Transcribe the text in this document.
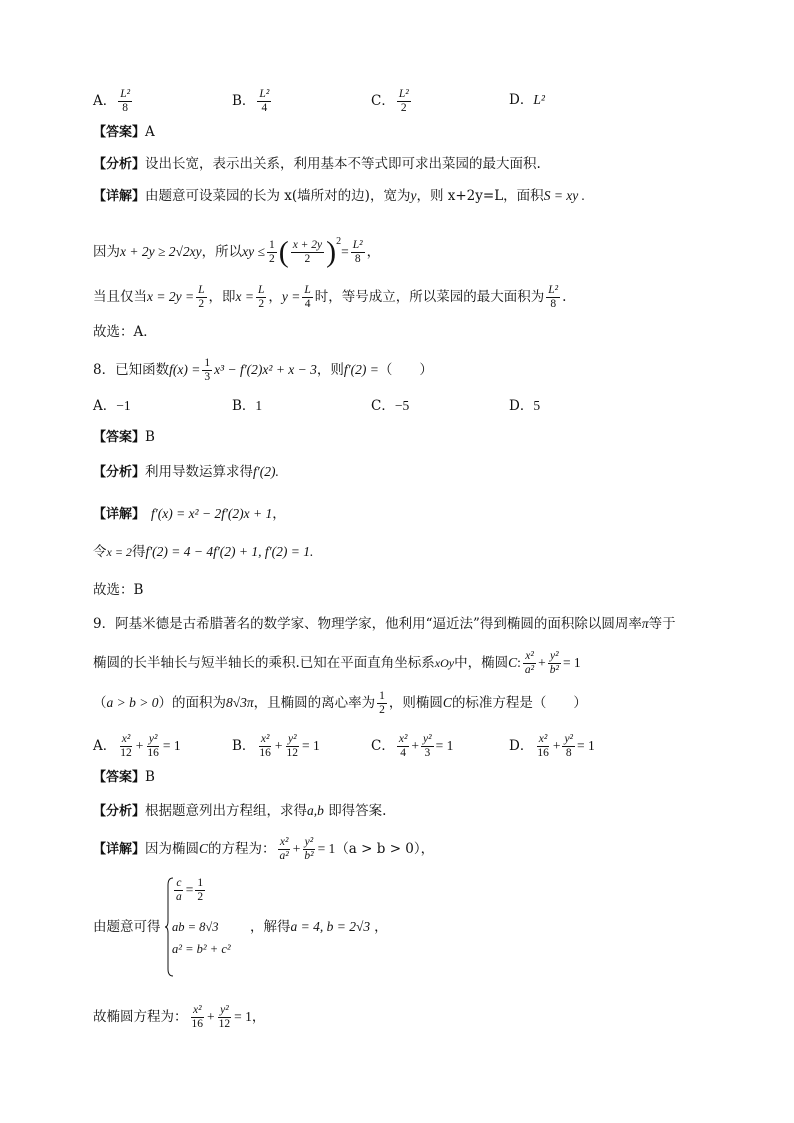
A． $\frac{\text{L²}}{8}$	B． $\frac{\text{L²}}{4}$	C． $\frac{\text{L²}}{2}$	D．L²
【答案】A
【分析】设出长宽，表示出关系，利用基本不等式即可求出菜园的最大面积.
【详解】由题意可设菜园的长为 x(墙所对的边)，宽为y，则 x+2y=L，面积S = xy .
因为x + 2y ≥ 2√2xy，所以xy ≤ $\frac{1}{2}$ ( $\frac{x + 2y}{2} )^2= \frac{\text{L²}}{8}$ ，
当且仅当$x = 2y = \frac{L}{2}$ ，即$x = \frac{L}{2}$ ，$y = \frac{L}{4}$ 时，等号成立，所以菜园的最大面积为 $\frac{\text{L²}}{8}$ .
故选：A．
8．已知函数$f(x) = \frac{1}{3} x^3 - f'(2)x^2 + x - 3$，则f′(2) =（　　）
A．−1	B．1	C．−5	D．5
【答案】B
【分析】利用导数运算求得f′(2).
【详解】 f′(x) = x² − 2f′(2)x + 1，
令x = 2得f′(2) = 4 − 4f′(2) + 1, f′(2) = 1.
故选：B
9．阿基米德是古希腊著名的数学家、物理学家，他利用“逼近法”得到椭圆的面积除以圆周率π等于
椭圆的长半轴长与短半轴长的乘积.已知在平面直角坐标系xOy中，椭圆C: $\frac{\text{x²}}{\text{a²}} + \frac{\text{y²}}{\text{b²}} = 1$
（a > b > 0）的面积为8√3π，且椭圆的离心率为 $\frac{1}{2}$ ，则椭圆C的标准方程是（　　）
A． $\frac{\text{x²}}{12} + \frac{\text{y²}}{16} = 1$	B． $\frac{\text{x²}}{16} + \frac{\text{y²}}{12} = 1$	C． $\frac{\text{x²}}{4} + \frac{\text{y²}}{3} = 1$	D． $\frac{\text{x²}}{16} + \frac{\text{y²}}{8} = 1$
【答案】B
【分析】根据题意列出方程组，求得a,b 即得答案.
【详解】因为椭圆C的方程为： $\frac{\text{x²}}{\text{a²}} + \frac{\text{y²}}{\text{b²}} = 1(a > b > 0)$，
由题意可得
$\frac{c}{a} = \frac{1}{2}$
ab = 8√3
a² = b² + c²
，解得a = 4, b = 2√3 ，
故椭圆方程为： $\frac{\text{x²}}{16} + \frac{\text{y²}}{12} = 1$，
